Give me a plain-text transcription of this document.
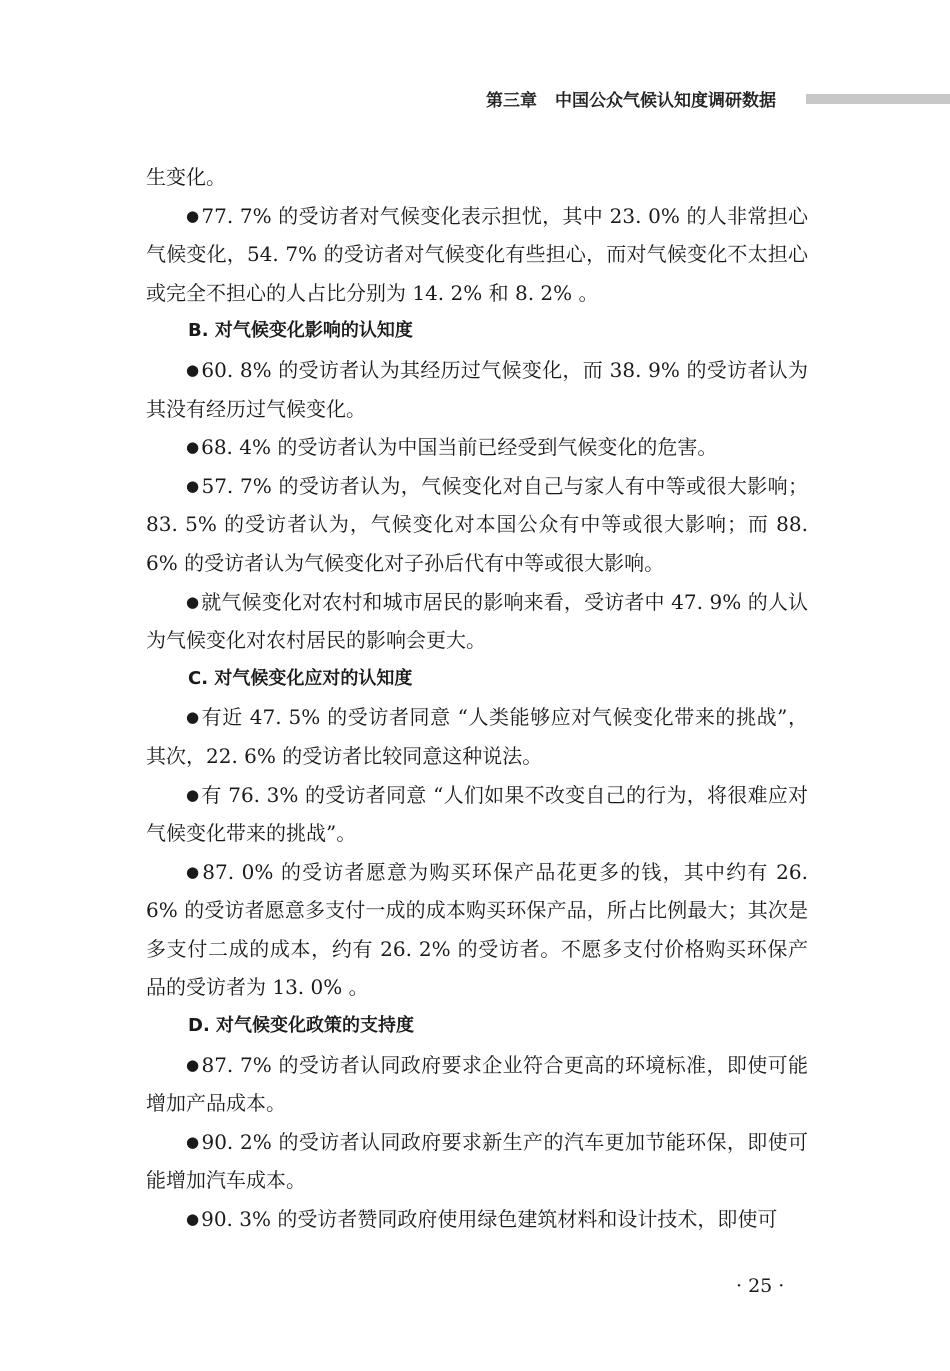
第三章 中国公众气候认知度调研数据

生变化。

● 77. 7% 的受访者对气候变化表示担忧，其中 23. 0% 的人非常担心气候变化，54. 7% 的受访者对气候变化有些担心，而对气候变化不太担心或完全不担心的人占比分别为 14. 2% 和 8. 2% 。

B. 对气候变化影响的认知度

● 60. 8% 的受访者认为其经历过气候变化，而 38. 9% 的受访者认为其没有经历过气候变化。

● 68. 4% 的受访者认为中国当前已经受到气候变化的危害。

● 57. 7% 的受访者认为，气候变化对自己与家人有中等或很大影响；83. 5% 的受访者认为，气候变化对本国公众有中等或很大影响；而 88. 6% 的受访者认为气候变化对子孙后代有中等或很大影响。

● 就气候变化对农村和城市居民的影响来看，受访者中 47. 9% 的人认为气候变化对农村居民的影响会更大。

C. 对气候变化应对的认知度

● 有近 47. 5% 的受访者同意 “人类能够应对气候变化带来的挑战”，其次，22. 6% 的受访者比较同意这种说法。

● 有 76. 3% 的受访者同意 “人们如果不改变自己的行为，将很难应对气候变化带来的挑战”。

● 87. 0% 的受访者愿意为购买环保产品花更多的钱，其中约有 26. 6% 的受访者愿意多支付一成的成本购买环保产品，所占比例最大；其次是多支付二成的成本，约有 26. 2% 的受访者。不愿多支付价格购买环保产品的受访者为 13. 0% 。

D. 对气候变化政策的支持度

● 87. 7% 的受访者认同政府要求企业符合更高的环境标准，即使可能增加产品成本。

● 90. 2% 的受访者认同政府要求新生产的汽车更加节能环保，即使可能增加汽车成本。

● 90. 3% 的受访者赞同政府使用绿色建筑材料和设计技术，即使可

· 25 ·
